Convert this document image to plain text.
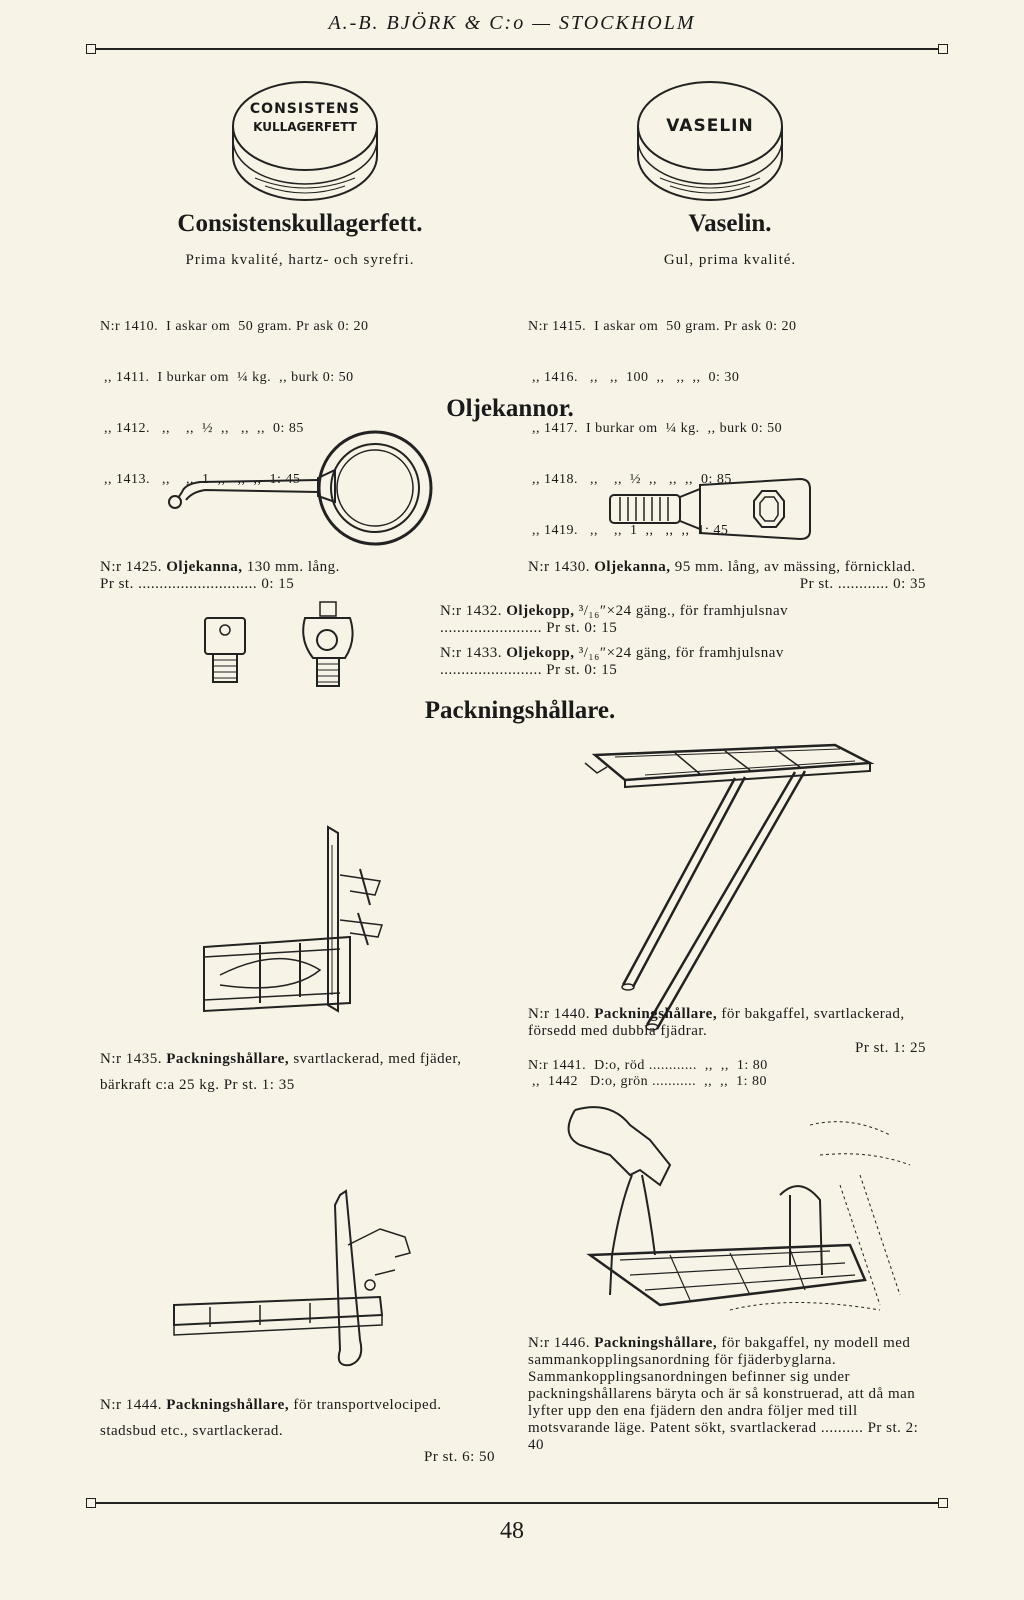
A.-B. BJÖRK & C:o — STOCKHOLM
CONSISTENS
KULLAGERFETT	VASELIN
Consistenskullagerfett.
Prima kvalité, hartz- och syrefri.

N:r 1410.  I askar om  50 gram. Pr ask 0: 20

,, 1411.  I burkar om  ¼ kg.  ,, burk 0: 50

,, 1412.   ,,    ,,  ½  ,,   ,,  ,,  0: 85

,, 1413.   ,,    ,,  1  ,,   ,,  ,,  1: 45

Vaselin.
Gul, prima kvalité.

N:r 1415.  I askar om  50 gram. Pr ask 0: 20

,, 1416.   ,,   ,,  100  ,,   ,,  ,,  0: 30

,, 1417.  I burkar om  ¼ kg.  ,, burk 0: 50

,, 1418.   ,,    ,,  ½  ,,   ,,  ,,  0: 85

,, 1419.   ,,    ,,  1  ,,   ,,  ,,  1: 45

Oljekannor.
N:r 1425. Oljekanna, 130 mm. lång.
Pr st. ............................ 0: 15
N:r 1430. Oljekanna, 95 mm. lång, av mässing, förnicklad.
Pr st. ............ 0: 35
N:r 1432. Oljekopp, ³/₁₆″×24 gäng., för framhjulsnav ........................ Pr st. 0: 15
N:r 1433. Oljekopp, ³/₁₆″×24 gäng, för framhjulsnav ........................ Pr st. 0: 15
Packningshållare.
N:r 1440. Packningshållare, för bakgaffel, svartlackerad, försedd med dubbla fjädrar.
Pr st. 1: 25
N:r 1441.  D:o, röd ............  ,,  ,,  1: 80
,,  1442   D:o, grön ...........  ,,  ,,  1: 80
N:r 1435. Packningshållare, svartlackerad, med fjäder, bärkraft c:a 25 kg. Pr st. 1: 35
N:r 1444. Packningshållare, för transportvelociped. stadsbud etc., svartlackerad.
Pr st. 6: 50
N:r 1446. Packningshållare, för bakgaffel, ny modell med sammankopplingsanordning för fjäderbyglarna. Sammankopplingsanordningen befinner sig under packningshållarens bäryta och är så konstruerad, att då man lyfter upp den ena fjädern den andra följer med till motsvarande läge. Patent sökt, svartlackerad .......... Pr st. 2: 40
48
